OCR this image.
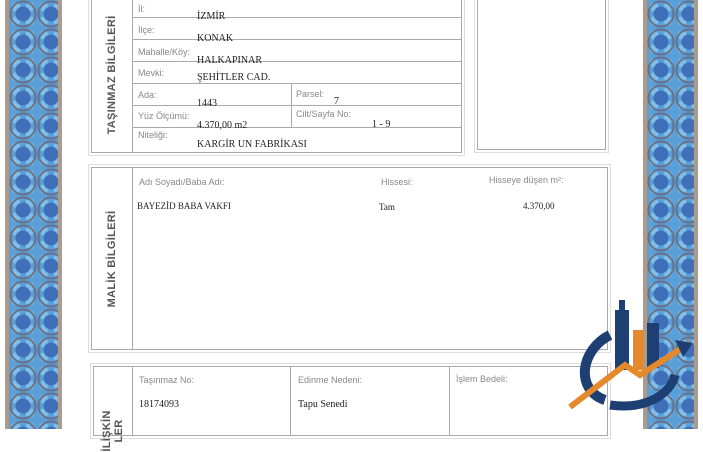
TAŞINMAZ BİLGİLERİ
İl:
İZMİR
İlçe:
KONAK
Mahalle/Köy:
HALKAPINAR
Mevki:	ŞEHİTLER CAD.
Ada:
1443
Parsel:
7
Yüz Ölçümü:
4.370,00 m2
Cilt/Sayfa No:
1 - 9
Niteliği:
KARGİR UN FABRİKASI
MALİK BİLGİLERİ
Adı Soyadı/Baba Adı:	Hissesi:	Hisseye düşen m²:
BAYEZİD BABA VAKFI	Tam	4.370,00
İLİŞKİN
LER
Taşınmaz No:
18174093
Edinme Nedeni:
Tapu Senedi
İşlem Bedeli:
